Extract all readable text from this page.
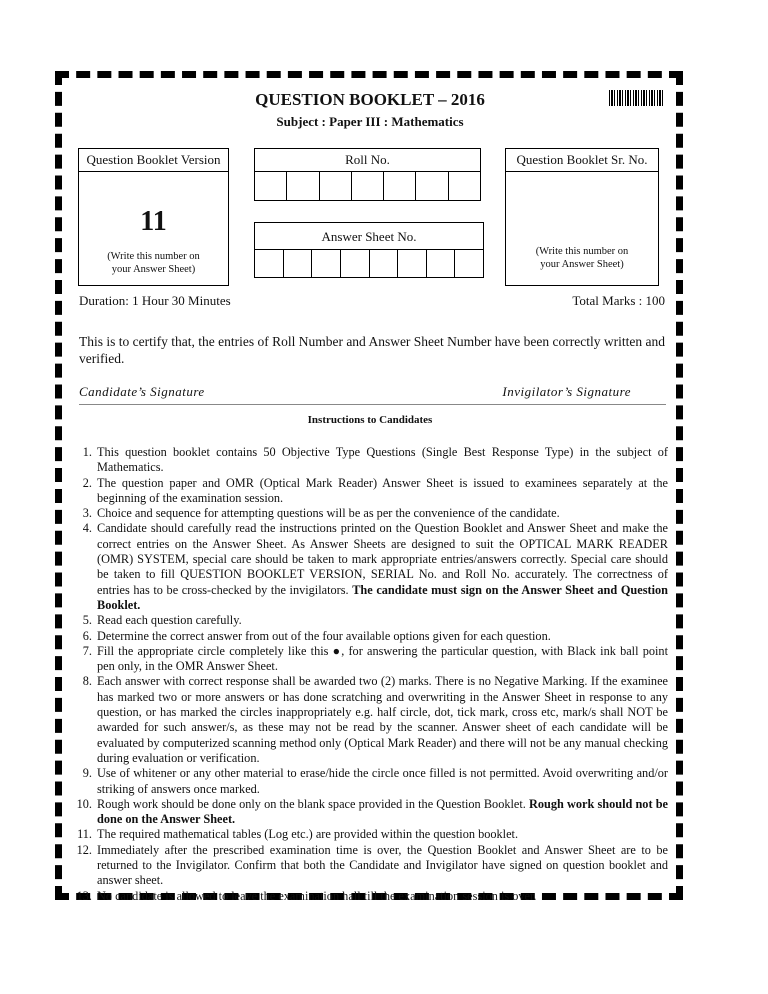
QUESTION BOOKLET – 2016
Subject : Paper III : Mathematics
Question Booklet Version
11
(Write this number on your Answer Sheet)
Roll No.
Answer Sheet No.
Question Booklet Sr. No.
(Write this number on your Answer Sheet)
Duration: 1 Hour 30 Minutes	Total Marks : 100
This is to certify that, the entries of Roll Number and Answer Sheet Number have been correctly written and verified.
Candidate’s Signature	Invigilator’s Signature
Instructions to Candidates
1. This question booklet contains 50 Objective Type Questions (Single Best Response Type) in the subject of Mathematics.
2. The question paper and OMR (Optical Mark Reader) Answer Sheet is issued to examinees separately at the beginning of the examination session.
3. Choice and sequence for attempting questions will be as per the convenience of the candidate.
4. Candidate should carefully read the instructions printed on the Question Booklet and Answer Sheet and make the correct entries on the Answer Sheet. As Answer Sheets are designed to suit the OPTICAL MARK READER (OMR) SYSTEM, special care should be taken to mark appropriate entries/answers correctly. Special care should be taken to fill QUESTION BOOKLET VERSION, SERIAL No. and Roll No. accurately. The correctness of entries has to be cross-checked by the invigilators. The candidate must sign on the Answer Sheet and Question Booklet.
5. Read each question carefully.
6. Determine the correct answer from out of the four available options given for each question.
7. Fill the appropriate circle completely like this ●, for answering the particular question, with Black ink ball point pen only, in the OMR Answer Sheet.
8. Each answer with correct response shall be awarded two (2) marks. There is no Negative Marking. If the examinee has marked two or more answers or has done scratching and overwriting in the Answer Sheet in response to any question, or has marked the circles inappropriately e.g. half circle, dot, tick mark, cross etc, mark/s shall NOT be awarded for such answer/s, as these may not be read by the scanner. Answer sheet of each candidate will be evaluated by computerized scanning method only (Optical Mark Reader) and there will not be any manual checking during evaluation or verification.
9. Use of whitener or any other material to erase/hide the circle once filled is not permitted. Avoid overwriting and/or striking of answers once marked.
10. Rough work should be done only on the blank space provided in the Question Booklet. Rough work should not be done on the Answer Sheet.
11. The required mathematical tables (Log etc.) are provided within the question booklet.
12. Immediately after the prescribed examination time is over, the Question Booklet and Answer Sheet are to be returned to the Invigilator. Confirm that both the Candidate and Invigilator have signed on question booklet and answer sheet.
13. No candidate is allowed to leave the examination hall till the examination session is over.
